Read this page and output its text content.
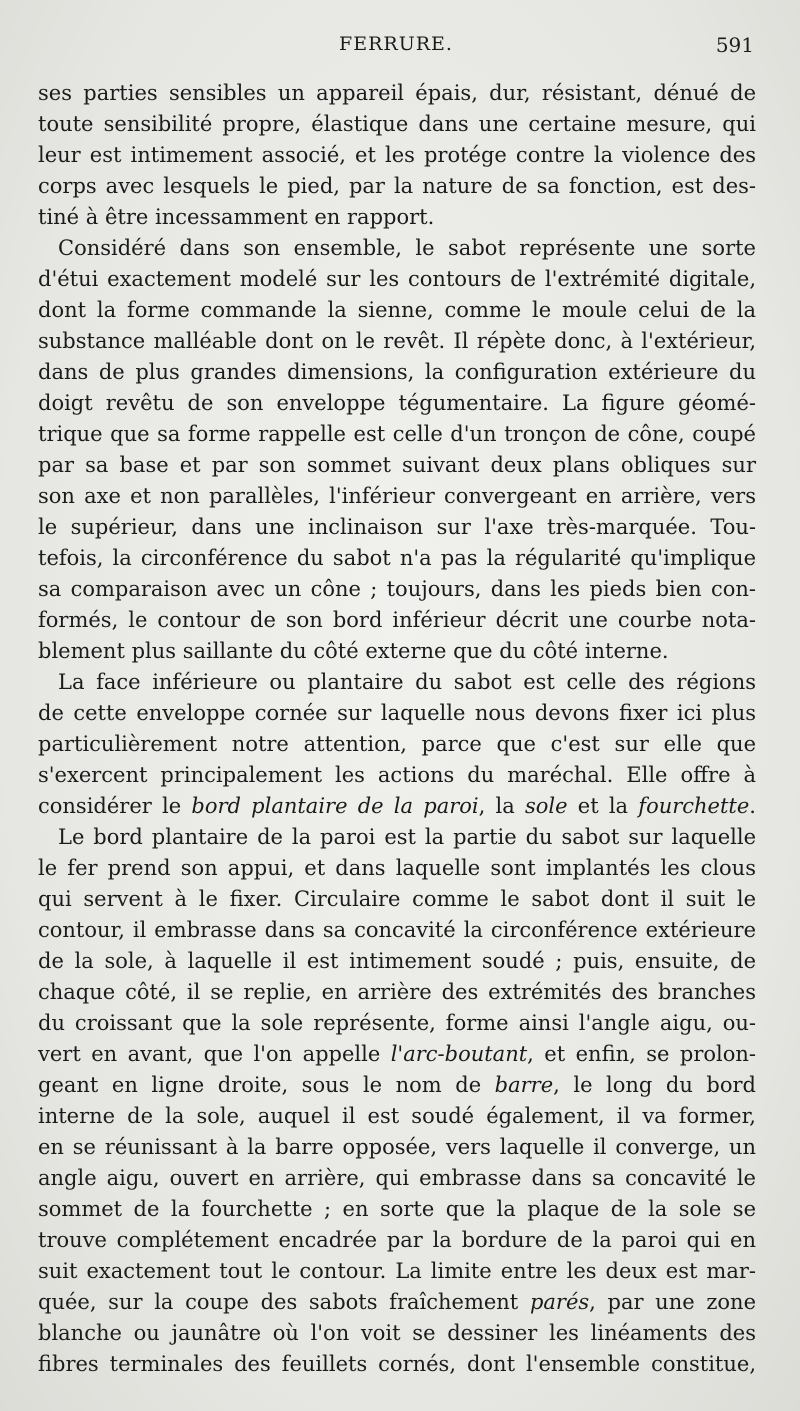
FERRURE.	591
ses parties sensibles un appareil épais, dur, résistant, dénué de
toute sensibilité propre, élastique dans une certaine mesure, qui
leur est intimement associé, et les protége contre la violence des
corps avec lesquels le pied, par la nature de sa fonction, est des-
tiné à être incessamment en rapport.
Considéré dans son ensemble, le sabot représente une sorte
d'étui exactement modelé sur les contours de l'extrémité digitale,
dont la forme commande la sienne, comme le moule celui de la
substance malléable dont on le revêt. Il répète donc, à l'extérieur,
dans de plus grandes dimensions, la configuration extérieure du
doigt revêtu de son enveloppe tégumentaire. La figure géomé-
trique que sa forme rappelle est celle d'un tronçon de cône, coupé
par sa base et par son sommet suivant deux plans obliques sur
son axe et non parallèles, l'inférieur convergeant en arrière, vers
le supérieur, dans une inclinaison sur l'axe très-marquée. Tou-
tefois, la circonférence du sabot n'a pas la régularité qu'implique
sa comparaison avec un cône ; toujours, dans les pieds bien con-
formés, le contour de son bord inférieur décrit une courbe nota-
blement plus saillante du côté externe que du côté interne.
La face inférieure ou plantaire du sabot est celle des régions
de cette enveloppe cornée sur laquelle nous devons fixer ici plus
particulièrement notre attention, parce que c'est sur elle que
s'exercent principalement les actions du maréchal. Elle offre à
considérer le bord plantaire de la paroi, la sole et la fourchette.
Le bord plantaire de la paroi est la partie du sabot sur laquelle
le fer prend son appui, et dans laquelle sont implantés les clous
qui servent à le fixer. Circulaire comme le sabot dont il suit le
contour, il embrasse dans sa concavité la circonférence extérieure
de la sole, à laquelle il est intimement soudé ; puis, ensuite, de
chaque côté, il se replie, en arrière des extrémités des branches
du croissant que la sole représente, forme ainsi l'angle aigu, ou-
vert en avant, que l'on appelle l'arc-boutant, et enfin, se prolon-
geant en ligne droite, sous le nom de barre, le long du bord
interne de la sole, auquel il est soudé également, il va former,
en se réunissant à la barre opposée, vers laquelle il converge, un
angle aigu, ouvert en arrière, qui embrasse dans sa concavité le
sommet de la fourchette ; en sorte que la plaque de la sole se
trouve complétement encadrée par la bordure de la paroi qui en
suit exactement tout le contour. La limite entre les deux est mar-
quée, sur la coupe des sabots fraîchement parés, par une zone
blanche ou jaunâtre où l'on voit se dessiner les linéaments des
fibres terminales des feuillets cornés, dont l'ensemble constitue,
